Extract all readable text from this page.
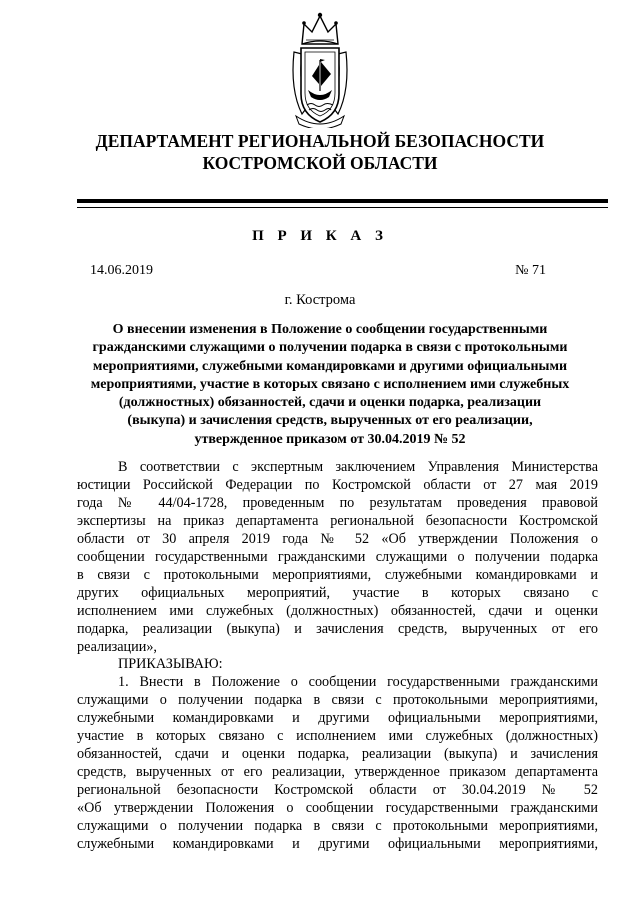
ДЕПАРТАМЕНТ РЕГИОНАЛЬНОЙ БЕЗОПАСНОСТИ
КОСТРОМСКОЙ ОБЛАСТИ
П Р И К А З
14.06.2019	№ 71
г. Кострома
О внесении изменения в Положение о сообщении государственными
гражданскими служащими о получении подарка в связи с протокольными
мероприятиями, служебными командировками и другими официальными
мероприятиями, участие в которых связано с исполнением ими служебных
(должностных) обязанностей, сдачи и оценки подарка, реализации
(выкупа) и зачисления средств, вырученных от его реализации,
утвержденное приказом от 30.04.2019 № 52
В соответствии с экспертным заключением Управления Министерства
юстиции Российской Федерации по Костромской области от 27 мая 2019
года № 44/04-1728, проведенным по результатам проведения правовой
экспертизы на приказ департамента региональной безопасности Костромской
области от 30 апреля 2019 года № 52 «Об утверждении Положения о
сообщении государственными гражданскими служащими о получении подарка
в связи с протокольными мероприятиями, служебными командировками и
других официальных мероприятий, участие в которых связано с
исполнением ими служебных (должностных) обязанностей, сдачи и оценки
подарка, реализации (выкупа) и зачисления средств, вырученных от его
реализации»,
ПРИКАЗЫВАЮ:
1. Внести в Положение о сообщении государственными гражданскими
служащими о получении подарка в связи с протокольными мероприятиями,
служебными командировками и другими официальными мероприятиями,
участие в которых связано с исполнением ими служебных (должностных)
обязанностей, сдачи и оценки подарка, реализации (выкупа) и зачисления
средств, вырученных от его реализации, утвержденное приказом департамента
региональной безопасности Костромской области от 30.04.2019 № 52
«Об утверждении Положения о сообщении государственными гражданскими
служащими о получении подарка в связи с протокольными мероприятиями,
служебными командировками и другими официальными мероприятиями,
